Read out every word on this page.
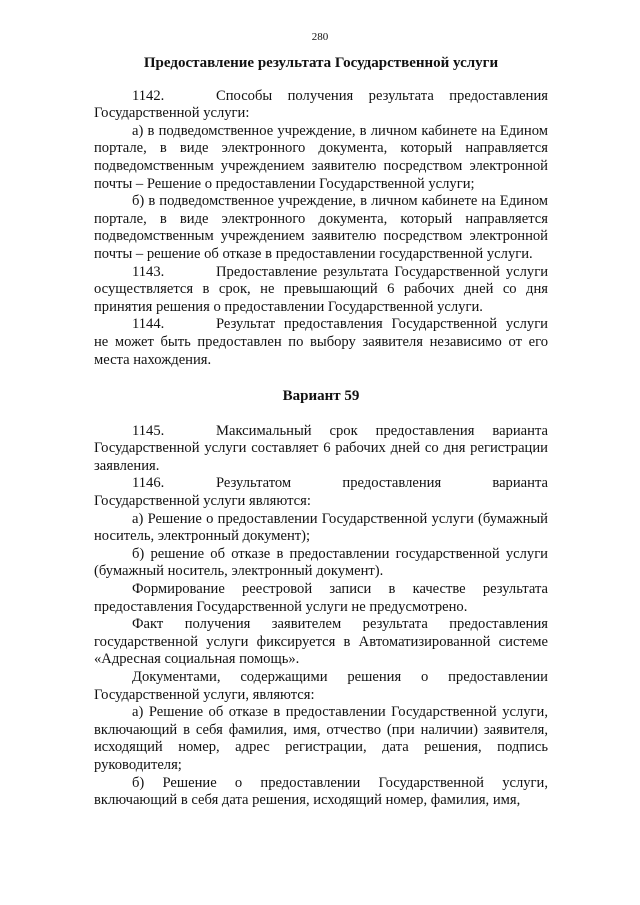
280
Предоставление результата Государственной услуги

1142.	Способы получения результата предоставления Государственной услуги:

а) в подведомственное учреждение, в личном кабинете на Едином портале, в виде электронного документа, который направляется подведомственным учреждением заявителю посредством электронной почты – Решение о предоставлении Государственной услуги;

б) в подведомственное учреждение, в личном кабинете на Едином портале, в виде электронного документа, который направляется подведомственным учреждением заявителю посредством электронной почты – решение об отказе в предоставлении государственной услуги.

1143.	Предоставление результата Государственной услуги осуществляется в срок, не превышающий 6 рабочих дней со дня принятия решения о предоставлении Государственной услуги.

1144.	Результат предоставления Государственной услуги не может быть предоставлен по выбору заявителя независимо от его места нахождения.

Вариант 59

1145.	Максимальный срок предоставления варианта Государственной услуги составляет 6 рабочих дней со дня регистрации заявления.

1146.	Результатом предоставления варианта Государственной услуги являются:

а) Решение о предоставлении Государственной услуги (бумажный носитель, электронный документ);

б) решение об отказе в предоставлении государственной услуги (бумажный носитель, электронный документ).

Формирование реестровой записи в качестве результата предоставления Государственной услуги не предусмотрено.

Факт получения заявителем результата предоставления государственной услуги фиксируется в Автоматизированной системе «Адресная социальная помощь».

Документами, содержащими решения о предоставлении Государственной услуги, являются:

а) Решение об отказе в предоставлении Государственной услуги, включающий в себя фамилия, имя, отчество (при наличии) заявителя, исходящий номер, адрес регистрации, дата решения, подпись руководителя;

б) Решение о предоставлении Государственной услуги, включающий в себя дата решения, исходящий номер, фамилия, имя,
